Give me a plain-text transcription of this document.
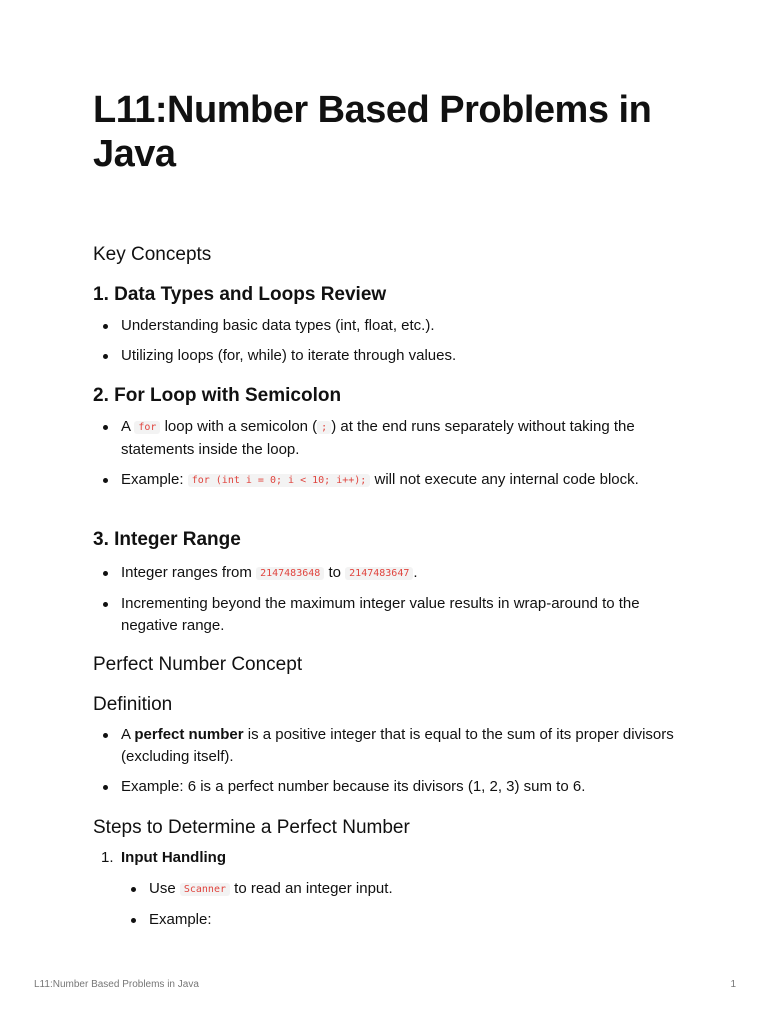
L11:Number Based Problems in Java
Key Concepts
1. Data Types and Loops Review
Understanding basic data types (int, float, etc.).
Utilizing loops (for, while) to iterate through values.
2. For Loop with Semicolon
A for loop with a semicolon ( ; ) at the end runs separately without taking the statements inside the loop.
Example: for (int i = 0; i < 10; i++); will not execute any internal code block.
3. Integer Range
Integer ranges from 2147483648 to 2147483647 .
Incrementing beyond the maximum integer value results in wrap-around to the negative range.
Perfect Number Concept
Definition
A perfect number is a positive integer that is equal to the sum of its proper divisors (excluding itself).
Example: 6 is a perfect number because its divisors (1, 2, 3) sum to 6.
Steps to Determine a Perfect Number
1. Input Handling
Use Scanner to read an integer input.
Example:
L11:Number Based Problems in Java	1
